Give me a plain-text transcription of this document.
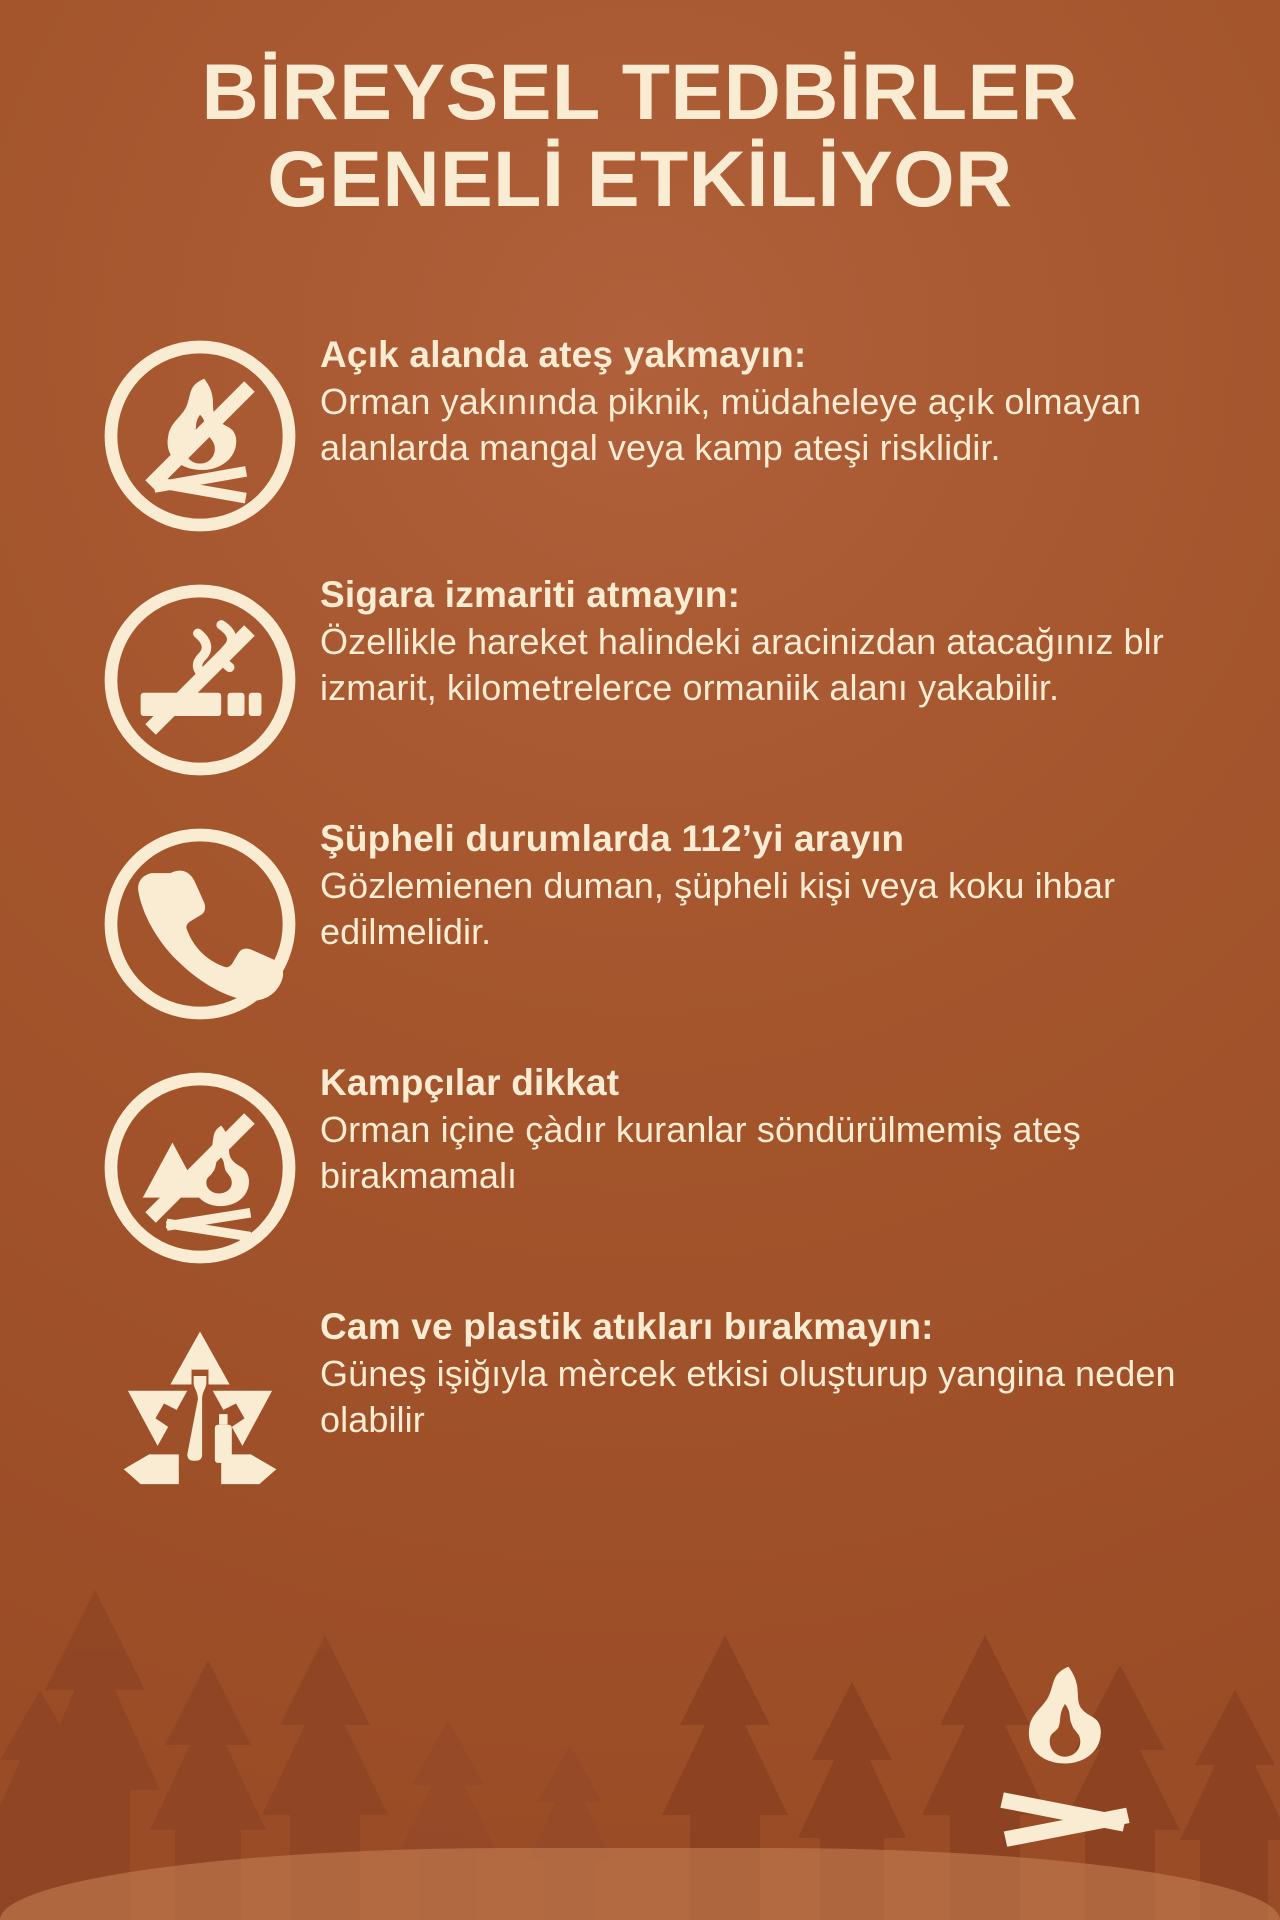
BİREYSEL TEDBİRLER
GENELİ ETKİLİYOR

Açık alanda ateş yakmayın:

Orman yakınında piknik, müdaheleye açık olmayan alanlarda mangal veya kamp ateşi risklidir.

Sigara izmariti atmayın:

Özellikle hareket halindeki aracinizdan atacağınız blr izmarit, kilometrelerce ormaniik alanı yakabilir.

Şüpheli durumlarda 112’yi arayın

Gözlemienen duman, şüpheli kişi veya koku ihbar edilmelidir.

Kampçılar dikkat

Orman içine çàdır kuranlar söndürülmemiş ateş birakmamalı

Cam ve plastik atıkları bırakmayın:

Güneş işiğıyla mèrcek etkisi oluşturup yangina neden olabilir
